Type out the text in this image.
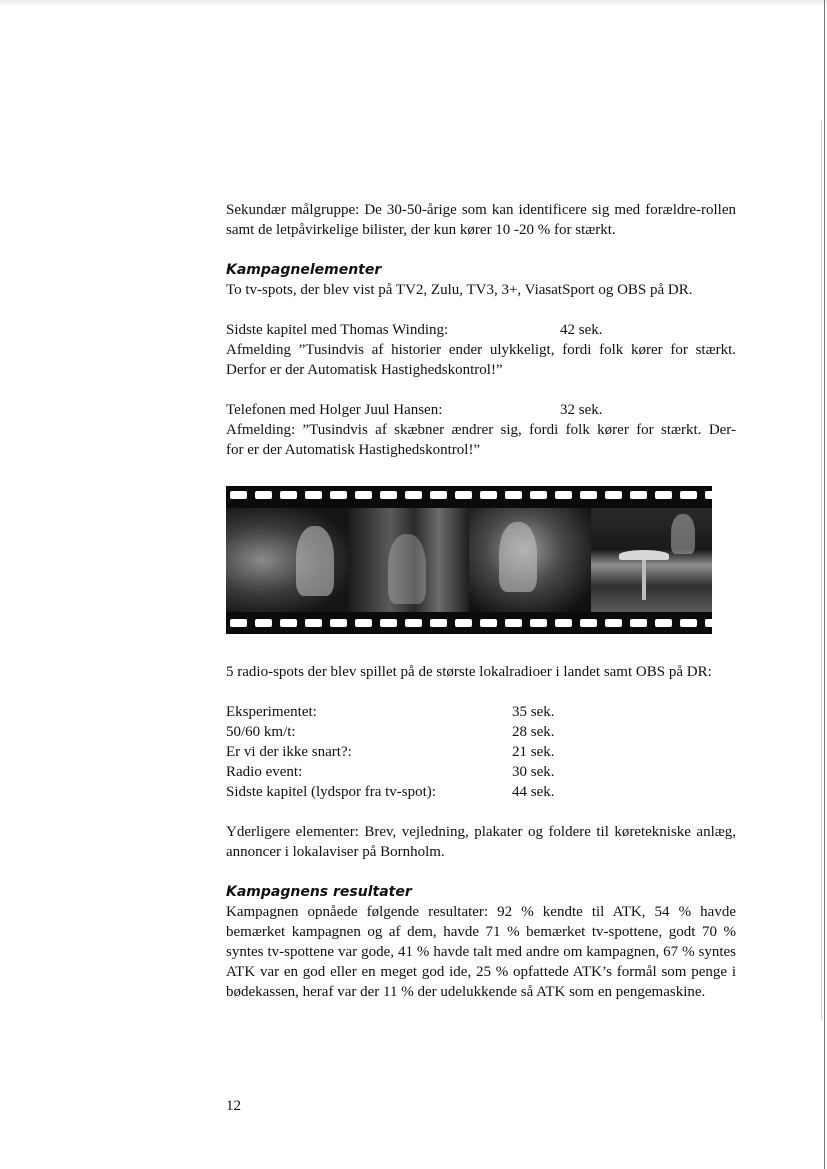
Sekundær målgruppe: De 30-50-årige som kan identificere sig med forældre-rollen samt de letpåvirkelige bilister, der kun kører 10 -20 % for stærkt.

Kampagnelementer

To tv-spots, der blev vist på TV2, Zulu, TV3, 3+, ViasatSport og OBS på DR.

Sidste kapitel med Thomas Winding:	42 sek.

Afmelding ”Tusindvis af historier ender ulykkeligt, fordi folk kører for stærkt.

Derfor er der Automatisk Hastighedskontrol!”

Telefonen med Holger Juul Hansen:	32 sek.

Afmelding: ”Tusindvis af skæbner ændrer sig, fordi folk kører for stærkt. Der-

for er der Automatisk Hastighedskontrol!”

5 radio-spots der blev spillet på de største lokalradioer i landet samt OBS på DR:

Eksperimentet:	35 sek.
50/60 km/t:	28 sek.
Er vi der ikke snart?:	21 sek.
Radio event:	30 sek.
Sidste kapitel (lydspor fra tv-spot):	44 sek.

Yderligere elementer: Brev, vejledning, plakater og foldere til køretekniske anlæg, annoncer i lokalaviser på Bornholm.

Kampagnens resultater

Kampagnen opnåede følgende resultater: 92 % kendte til ATK, 54 % havde bemærket kampagnen og af dem, havde 71 % bemærket tv-spottene, godt 70 % syntes tv-spottene var gode, 41 % havde talt med andre om kampagnen, 67 % syntes ATK var en god eller en meget god ide, 25 % opfattede ATK’s formål som penge i bødekassen, heraf var der 11 % der udelukkende så ATK som en pengemaskine.

12
